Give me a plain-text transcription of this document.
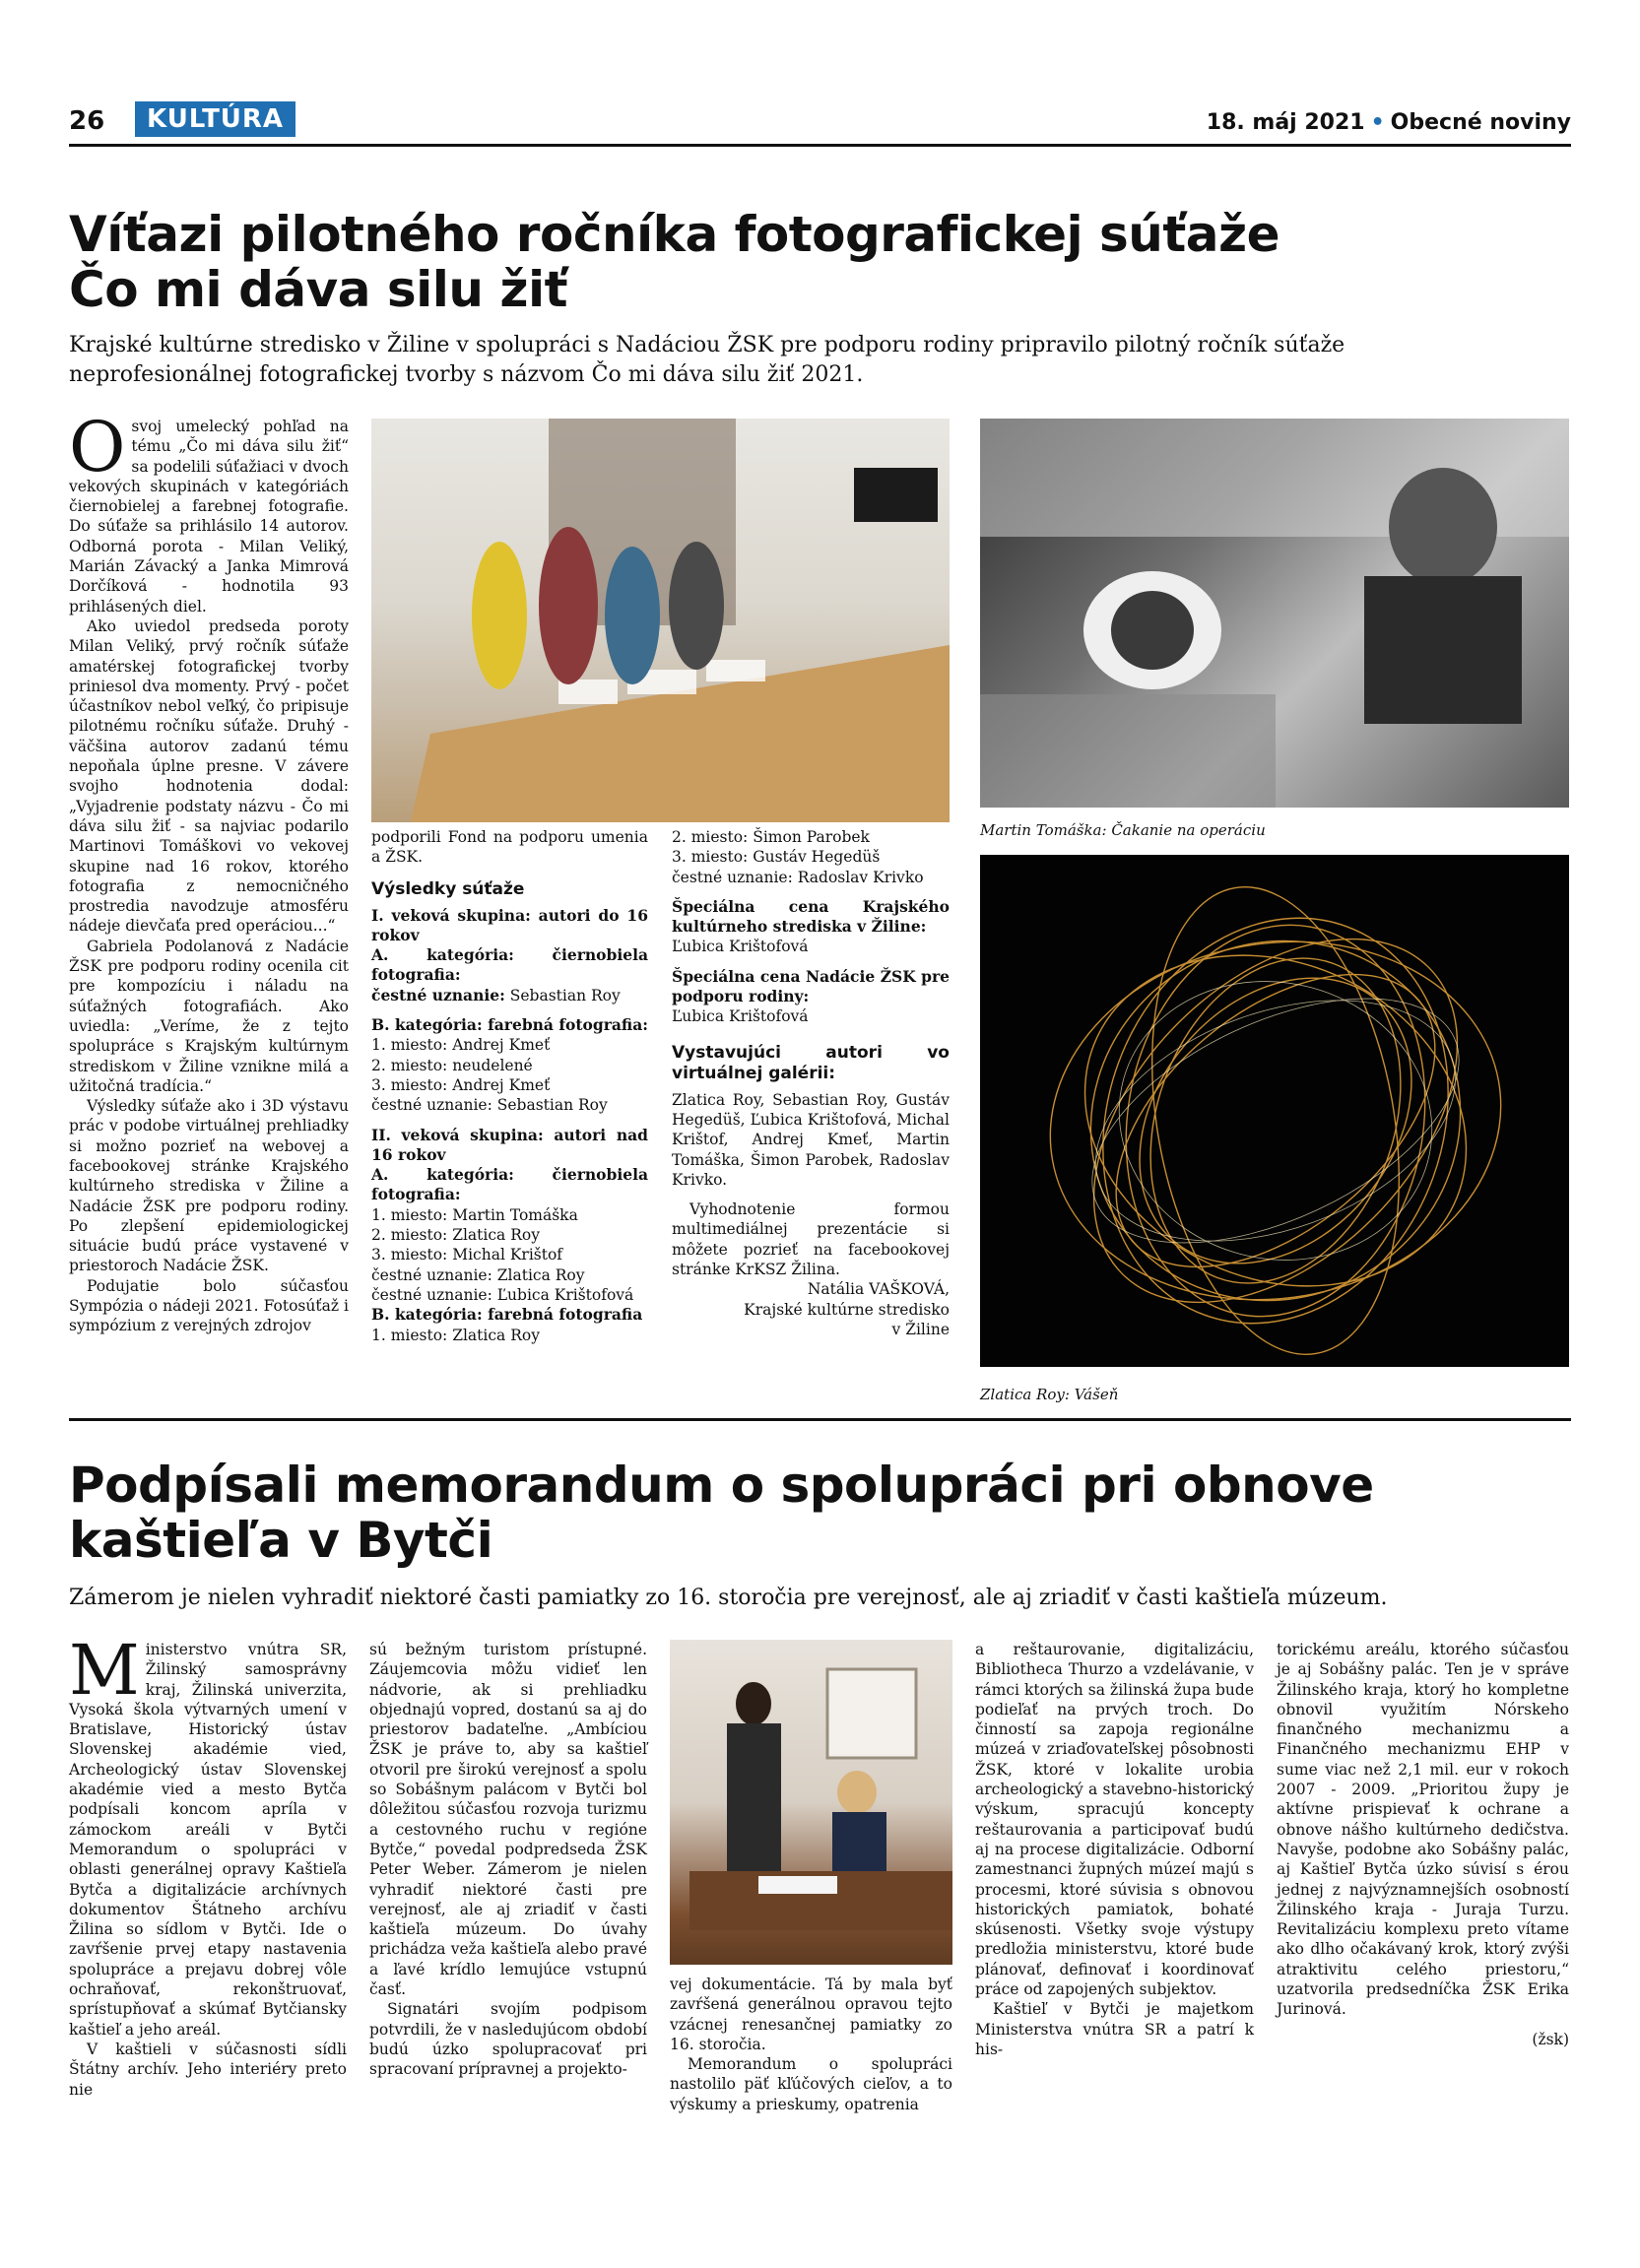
26	KULTÚRA	18. máj 2021 • Obecné noviny
Víťazi pilotného ročníka fotografickej súťaže
Čo mi dáva silu žiť
Krajské kultúrne stredisko v Žiline v spolupráci s Nadáciou ŽSK pre podporu rodiny pripravilo pilotný ročník súťaže
neprofesionálnej fotografickej tvorby s názvom Čo mi dáva silu žiť 2021.

Osvoj umelecký pohľad na tému „Čo mi dáva silu žiť“ sa podelili súťažiaci v dvoch vekových skupinách v kategóriách čiernobielej a farebnej fotografie. Do súťaže sa prihlásilo 14 autorov. Odborná porota - Milan Veliký, Marián Závacký a Janka Mimrová Dorčíková - hodnotila 93 prihlásených diel.

Ako uviedol predseda poroty Milan Veliký, prvý ročník súťaže amatérskej fotografickej tvorby priniesol dva momenty. Prvý - počet účastníkov nebol veľký, čo pripisuje pilotnému ročníku súťaže. Druhý - väčšina autorov zadanú tému nepoňala úplne presne. V závere svojho hodnotenia dodal: „Vyjadrenie podstaty názvu - Čo mi dáva silu žiť - sa najviac podarilo Martinovi Tomáškovi vo vekovej skupine nad 16 rokov, ktorého fotografia z nemocničného prostredia navodzuje atmosféru nádeje dievčaťa pred operáciou...“

Gabriela Podolanová z Nadácie ŽSK pre podporu rodiny ocenila cit pre kompozíciu i náladu na súťažných fotografiách. Ako uviedla: „Veríme, že z tejto spolupráce s Krajským kultúrnym strediskom v Žiline vznikne milá a užitočná tradícia.“

Výsledky súťaže ako i 3D výstavu prác v podobe virtuálnej prehliadky si možno pozrieť na webovej a facebookovej stránke Krajského kultúrneho strediska v Žiline a Nadácie ŽSK pre podporu rodiny. Po zlepšení epidemiologickej situácie budú práce vystavené v priestoroch Nadácie ŽSK.

Podujatie bolo súčasťou Sympózia o nádeji 2021. Fotosúťaž i sympózium z verejných zdrojov

podporili Fond na podporu umenia a ŽSK.

Výsledky súťaže
I. veková skupina: autori do 16 rokov
A. kategória: čiernobiela fotografia:
čestné uznanie: Sebastian Roy
B. kategória: farebná fotografia:
1. miesto: Andrej Kmeť
2. miesto: neudelené
3. miesto: Andrej Kmeť
čestné uznanie: Sebastian Roy
II. veková skupina: autori nad 16 rokov
A. kategória: čiernobiela fotografia:
1. miesto: Martin Tomáška
2. miesto: Zlatica Roy
3. miesto: Michal Krištof
čestné uznanie: Zlatica Roy
čestné uznanie: Ľubica Krištofová
B. kategória: farebná fotografia
1. miesto: Zlatica Roy
2. miesto: Šimon Parobek
3. miesto: Gustáv Hegedüš
čestné uznanie: Radoslav Krivko
Špeciálna cena Krajského kultúrneho strediska v Žiline:
Ľubica Krištofová
Špeciálna cena Nadácie ŽSK pre podporu rodiny:
Ľubica Krištofová
Vystavujúci autori vo virtuálnej galérii:
Zlatica Roy, Sebastian Roy, Gustáv Hegedüš, Ľubica Krištofová, Michal Krištof, Andrej Kmeť, Martin Tomáška, Šimon Parobek, Radoslav Krivko.

Vyhodnotenie formou multimediálnej prezentácie si môžete pozrieť na facebookovej stránke KrKSZ Žilina.

Natália VAŠKOVÁ,
Krajské kultúrne stredisko
v Žiline
Martin Tomáška: Čakanie na operáciu
Zlatica Roy: Vášeň
Podpísali memorandum o spolupráci pri obnove
kaštieľa v Bytči
Zámerom je nielen vyhradiť niektoré časti pamiatky zo 16. storočia pre verejnosť, ale aj zriadiť v časti kaštieľa múzeum.

Ministerstvo vnútra SR, Žilinský samosprávny kraj, Žilinská univerzita, Vysoká škola výtvarných umení v Bratislave, Historický ústav Slovenskej akadémie vied, Archeologický ústav Slovenskej akadémie vied a mesto Bytča podpísali koncom apríla v zámockom areáli v Bytči Memorandum o spolupráci v oblasti generálnej opravy Kaštieľa Bytča a digitalizácie archívnych dokumentov Štátneho archívu Žilina so sídlom v Bytči. Ide o zavŕšenie prvej etapy nastavenia spolupráce a prejavu dobrej vôle ochraňovať, rekonštruovať, sprístupňovať a skúmať Bytčiansky kaštieľ a jeho areál.

V kaštieli v súčasnosti sídli Štátny archív. Jeho interiéry preto nie

sú bežným turistom prístupné. Záujemcovia môžu vidieť len nádvorie, ak si prehliadku objednajú vopred, dostanú sa aj do priestorov badateľne. „Ambíciou ŽSK je práve to, aby sa kaštieľ otvoril pre širokú verejnosť a spolu so Sobášnym palácom v Bytči bol dôležitou súčasťou rozvoja turizmu a cestovného ruchu v regióne Bytče,“ povedal podpredseda ŽSK Peter Weber. Zámerom je nielen vyhradiť niektoré časti pre verejnosť, ale aj zriadiť v časti kaštieľa múzeum. Do úvahy prichádza veža kaštieľa alebo pravé a ľavé krídlo lemujúce vstupnú časť.

Signatári svojím podpisom potvrdili, že v nasledujúcom období budú úzko spolupracovať pri spracovaní prípravnej a projekto-

vej dokumentácie. Tá by mala byť zavŕšená generálnou opravou tejto vzácnej renesančnej pamiatky zo 16. storočia.

Memorandum o spolupráci nastolilo päť kľúčových cieľov, a to výskumy a prieskumy, opatrenia

a reštaurovanie, digitalizáciu, Bibliotheca Thurzo a vzdelávanie, v rámci ktorých sa žilinská župa bude podieľať na prvých troch. Do činností sa zapoja regionálne múzeá v zriaďovateľskej pôsobnosti ŽSK, ktoré v lokalite urobia archeologický a stavebno-historický výskum, spracujú koncepty reštaurovania a participovať budú aj na procese digitalizácie. Odborní zamestnanci župných múzeí majú s procesmi, ktoré súvisia s obnovou historických pamiatok, bohaté skúsenosti. Všetky svoje výstupy predložia ministerstvu, ktoré bude plánovať, definovať i koordinovať práce od zapojených subjektov.

Kaštieľ v Bytči je majetkom Ministerstva vnútra SR a patrí k his-

torickému areálu, ktorého súčasťou je aj Sobášny palác. Ten je v správe Žilinského kraja, ktorý ho kompletne obnovil využitím Nórskeho finančného mechanizmu a Finančného mechanizmu EHP v sume viac než 2,1 mil. eur v rokoch 2007 - 2009. „Prioritou župy je aktívne prispievať k ochrane a obnove nášho kultúrneho dedičstva. Navyše, podobne ako Sobášny palác, aj Kaštieľ Bytča úzko súvisí s érou jednej z najvýznamnejších osobností Žilinského kraja - Juraja Turzu. Revitalizáciu komplexu preto vítame ako dlho očakávaný krok, ktorý zvýši atraktivitu celého priestoru,“ uzatvorila predsedníčka ŽSK Erika Jurinová.

(žsk)
